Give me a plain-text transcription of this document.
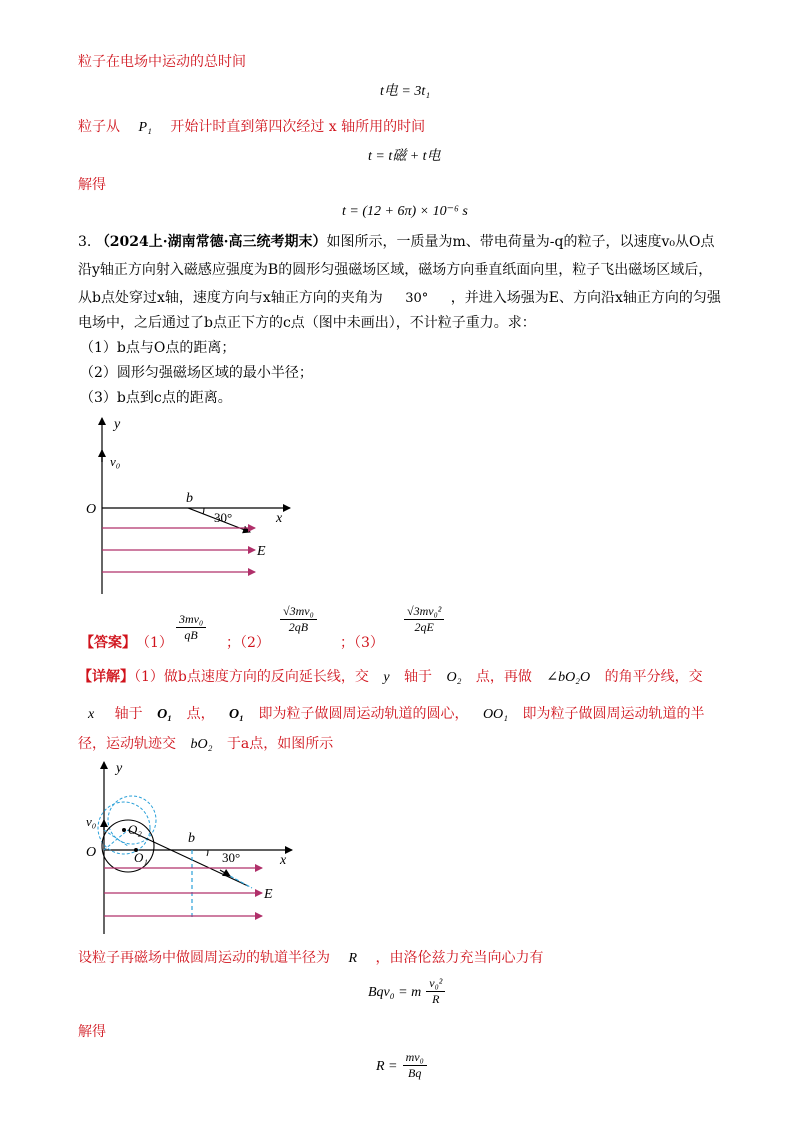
粒子在电场中运动的总时间
t电 = 3t₁
粒子从 P₁ 开始计时直到第四次经过 x 轴所用的时间
t = t磁 + t电
解得
t = (12 + 6π) × 10⁻⁶ s
3. （2024上·湖南常德·高三统考期末）如图所示，一质量为m、带电荷量为-q的粒子，以速度v₀从O点
沿y轴正方向射入磁感应强度为B的圆形匀强磁场区域，磁场方向垂直纸面向里，粒子飞出磁场区域后，
从b点处穿过x轴，速度方向与x轴正方向的夹角为 30° ，并进入场强为E、方向沿x轴正方向的匀强
电场中，之后通过了b点正下方的c点（图中未画出），不计粒子重力。求：
（1）b点与O点的距离；
（2）圆形匀强磁场区域的最小半径；
（3）b点到c点的距离。
y
v₀
O
b
30°	x
E
【答案】 $(1) \frac{\text{3mv₀}}{qB}$ ；（2）
$\frac{\text{√3mv₀}}{2qB}$
；（3）
$\frac{\text{√3mv₀²}}{2qE}$
【详解】（1）做b点速度方向的反向延长线，交 y 轴于 O₂ 点，再做 ∠bO₂O 的角平分线，交
x 轴于 O₁ 点， O₁ 即为粒子做圆周运动轨道的圆心， OO₁ 即为粒子做圆周运动轨道的半
径，运动轨迹交 bO₂ 于a点，如图所示
y
v₀
O
O₂
O₁
b
30°	x
E
设粒子再磁场中做圆周运动的轨道半径为 R ，由洛伦兹力充当向心力有
Bqv₀ = m $\frac{\text{v₀²}}{R}$
解得
$R = \frac{\text{mv₀}}{Bq}$
